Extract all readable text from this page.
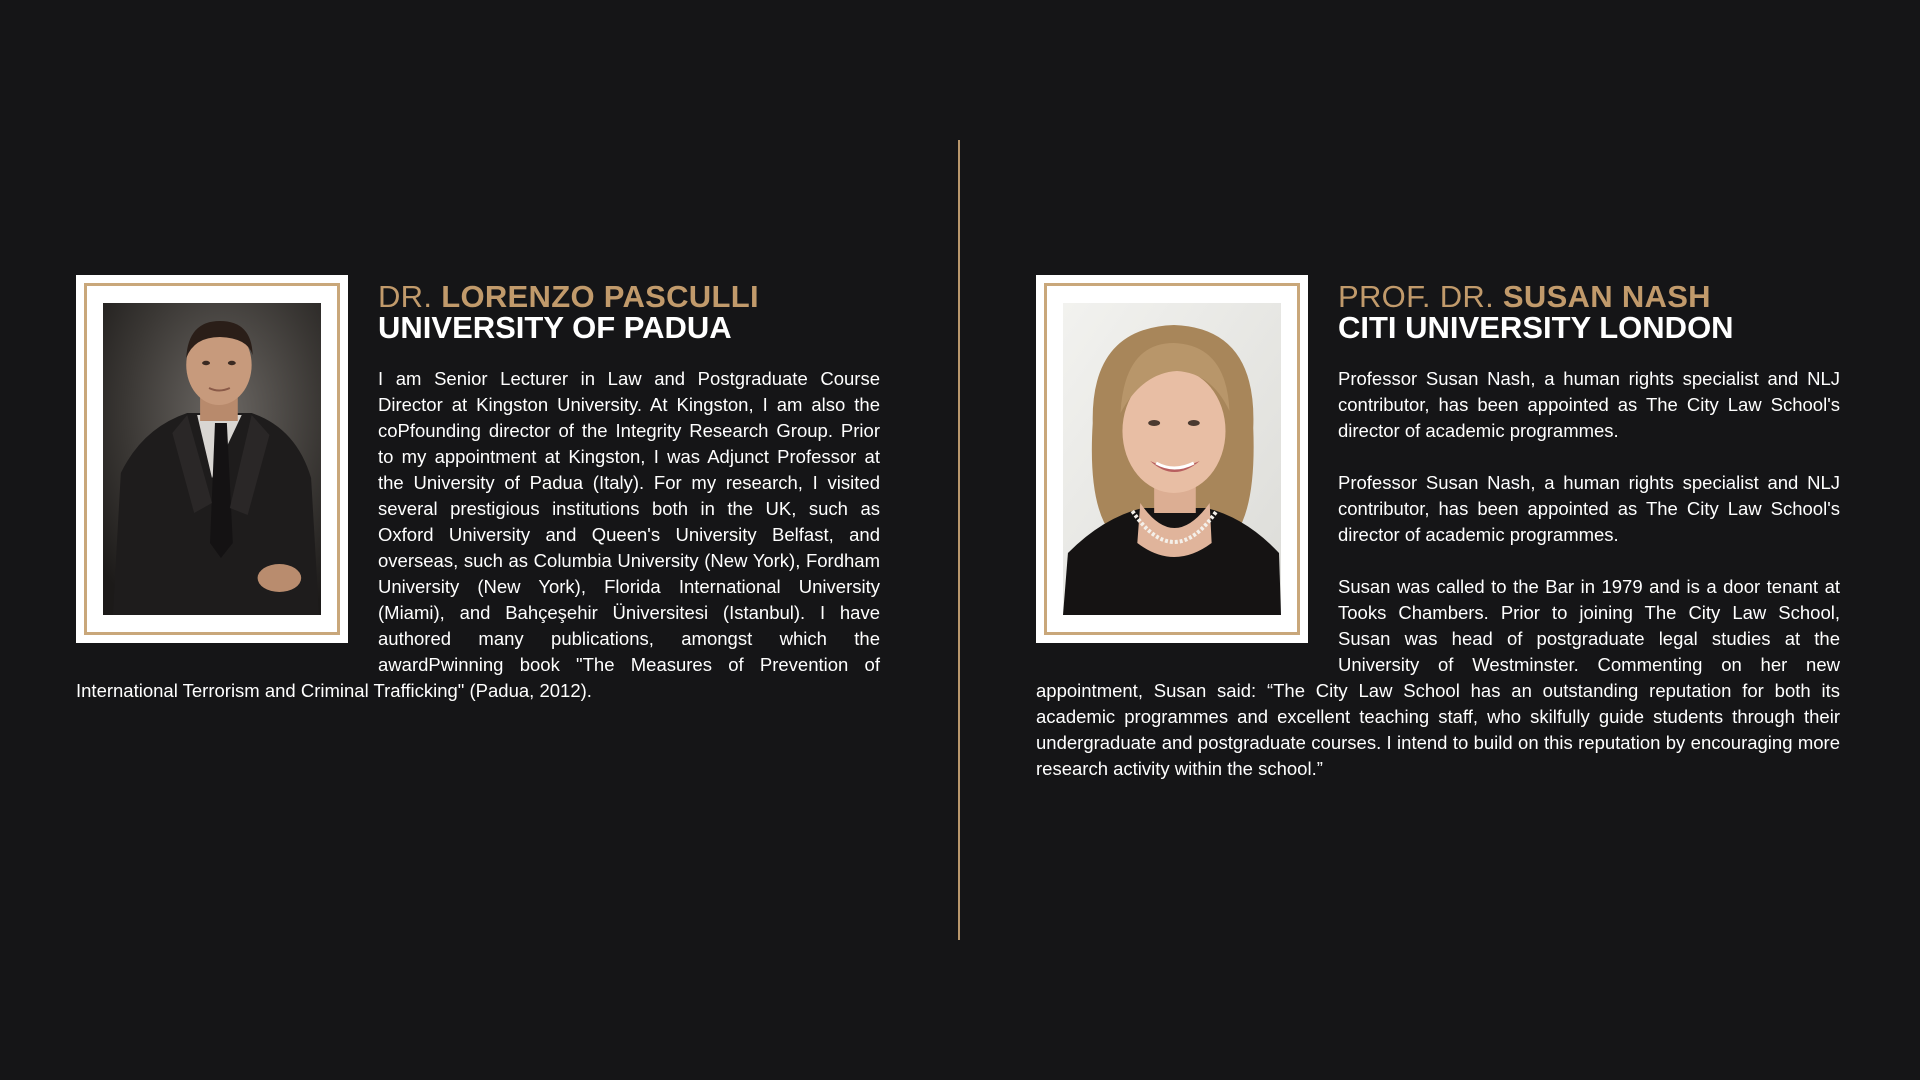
DR. LORENZO PASCULLI
UNIVERSITY OF PADUA

I am Senior Lecturer in Law and Postgraduate Course Director at Kingston University. At Kingston, I am also the coPfounding director of the Integrity Research Group. Prior to my appointment at Kingston, I was Adjunct Professor at the University of Padua (Italy). For my research, I visited several prestigious institutions both in the UK, such as Oxford University and Queen's University Belfast, and overseas, such as Columbia University (New York), Fordham University (New York), Florida International University (Miami), and Bahçeşehir Üniversitesi (Istanbul). I have authored many publications, amongst which the awardPwinning book "The Measures of Prevention of International Terrorism and Criminal Trafficking" (Padua, 2012).

PROF. DR. SUSAN NASH
CITI UNIVERSITY LONDON

Professor Susan Nash, a human rights specialist and NLJ contributor, has been appointed as The City Law School's director of academic programmes.

Professor Susan Nash, a human rights specialist and NLJ contributor, has been appointed as The City Law School's director of academic programmes.

Susan was called to the Bar in 1979 and is a door tenant at Tooks Chambers. Prior to joining The City Law School, Susan was head of postgraduate legal studies at the University of Westminster. Commenting on her new appointment, Susan said: “The City Law School has an outstanding reputation for both its academic programmes and excellent teaching staff, who skilfully guide students through their undergraduate and postgraduate courses. I intend to build on this reputation by encouraging more research activity within the school.”
